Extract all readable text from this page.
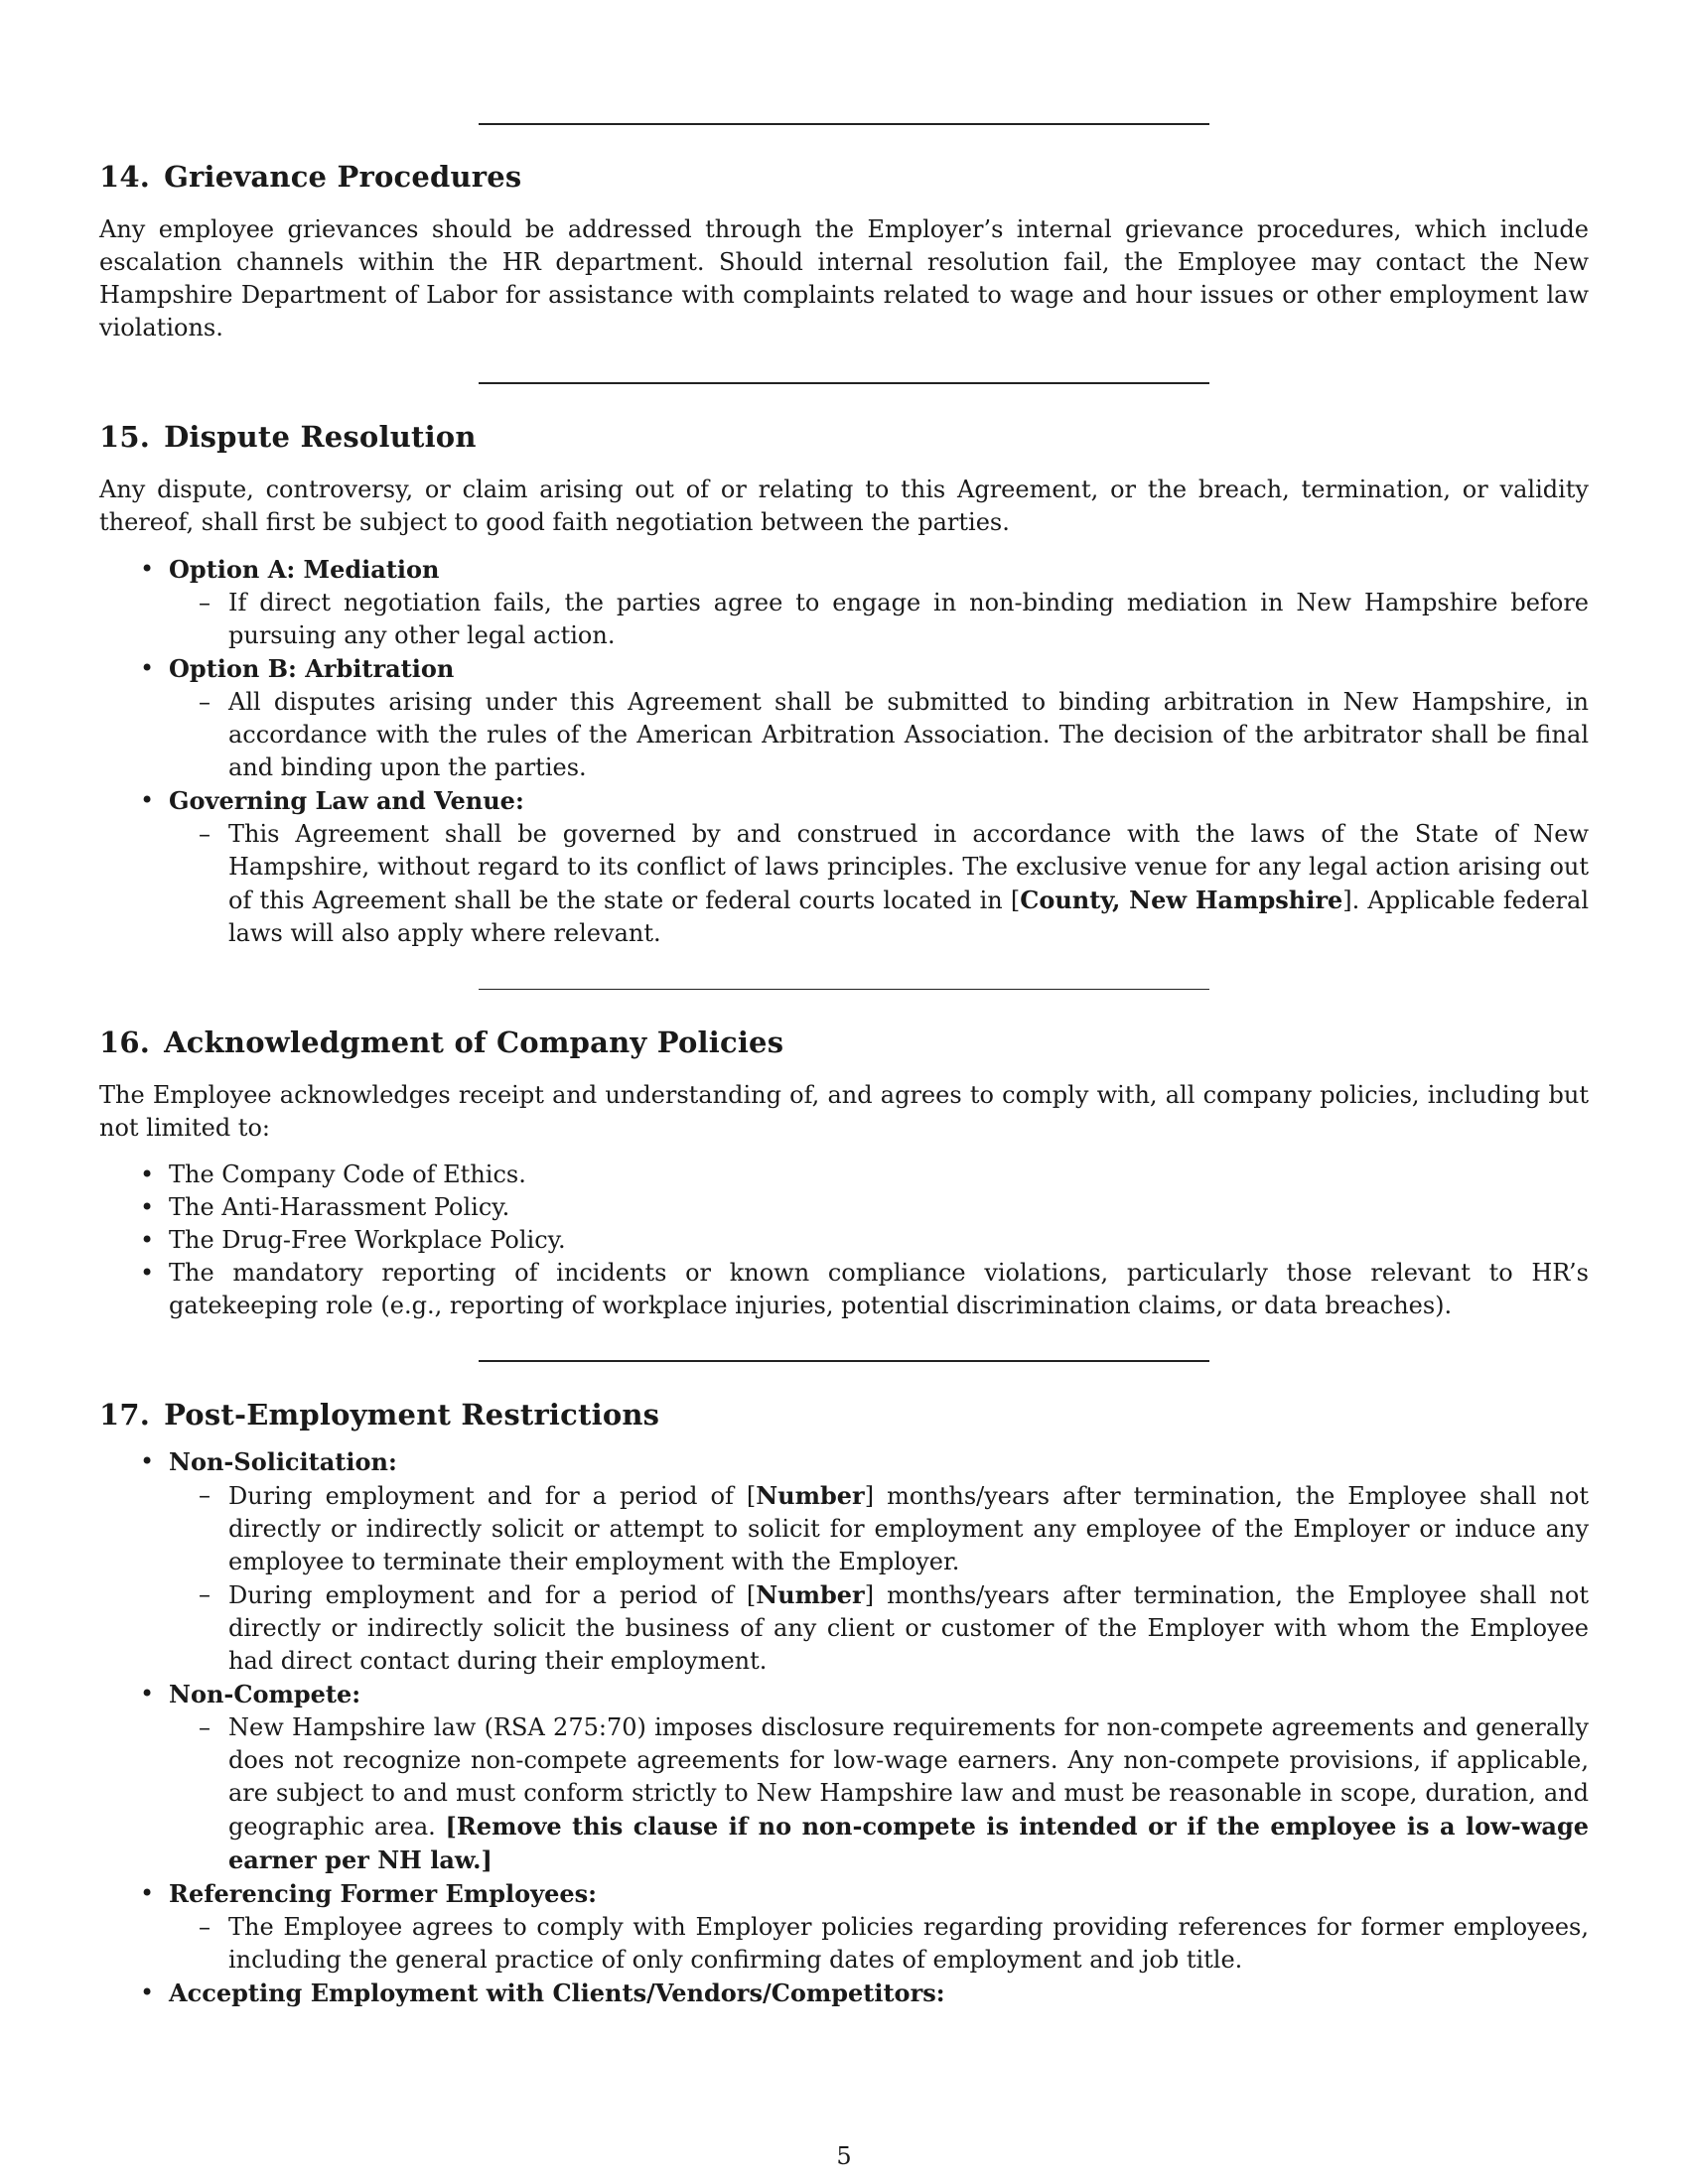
14. Grievance Procedures

Any employee grievances should be addressed through the Employer’s internal grievance procedures, which include escalation channels within the HR department. Should internal resolution fail, the Employee may contact the New Hampshire Department of Labor for assistance with complaints related to wage and hour issues or other employment law violations.

15. Dispute Resolution

Any dispute, controversy, or claim arising out of or relating to this Agreement, or the breach, termination, or validity thereof, shall first be subject to good faith negotiation between the parties.

• Option A: Mediation
– If direct negotiation fails, the parties agree to engage in non-binding mediation in New Hampshire before pursuing any other legal action.
• Option B: Arbitration
– All disputes arising under this Agreement shall be submitted to binding arbitration in New Hampshire, in accordance with the rules of the American Arbitration Association. The decision of the arbitrator shall be final and binding upon the parties.
• Governing Law and Venue:
– This Agreement shall be governed by and construed in accordance with the laws of the State of New Hampshire, without regard to its conflict of laws principles. The exclusive venue for any legal action arising out of this Agreement shall be the state or federal courts located in [County, New Hampshire]. Applicable federal laws will also apply where relevant.
16. Acknowledgment of Company Policies

The Employee acknowledges receipt and understanding of, and agrees to comply with, all company policies, including but not limited to:

• The Company Code of Ethics.
• The Anti-Harassment Policy.
• The Drug-Free Workplace Policy.
• The mandatory reporting of incidents or known compliance violations, particularly those relevant to HR’s gatekeeping role (e.g., reporting of workplace injuries, potential discrimination claims, or data breaches).
17. Post-Employment Restrictions
• Non-Solicitation:
– During employment and for a period of [Number] months/years after termination, the Employee shall not directly or indirectly solicit or attempt to solicit for employment any employee of the Employer or induce any employee to terminate their employment with the Employer.
– During employment and for a period of [Number] months/years after termination, the Employee shall not directly or indirectly solicit the business of any client or customer of the Employer with whom the Employee had direct contact during their employment.
• Non-Compete:
– New Hampshire law (RSA 275:70) imposes disclosure requirements for non-compete agreements and generally does not recognize non-compete agreements for low-wage earners. Any non-compete provisions, if applicable, are subject to and must conform strictly to New Hampshire law and must be reasonable in scope, duration, and geographic area. [Remove this clause if no non-compete is intended or if the employee is a low-wage earner per NH law.]
• Referencing Former Employees:
– The Employee agrees to comply with Employer policies regarding providing references for former employees, including the general practice of only confirming dates of employment and job title.
• Accepting Employment with Clients/Vendors/Competitors:
5
